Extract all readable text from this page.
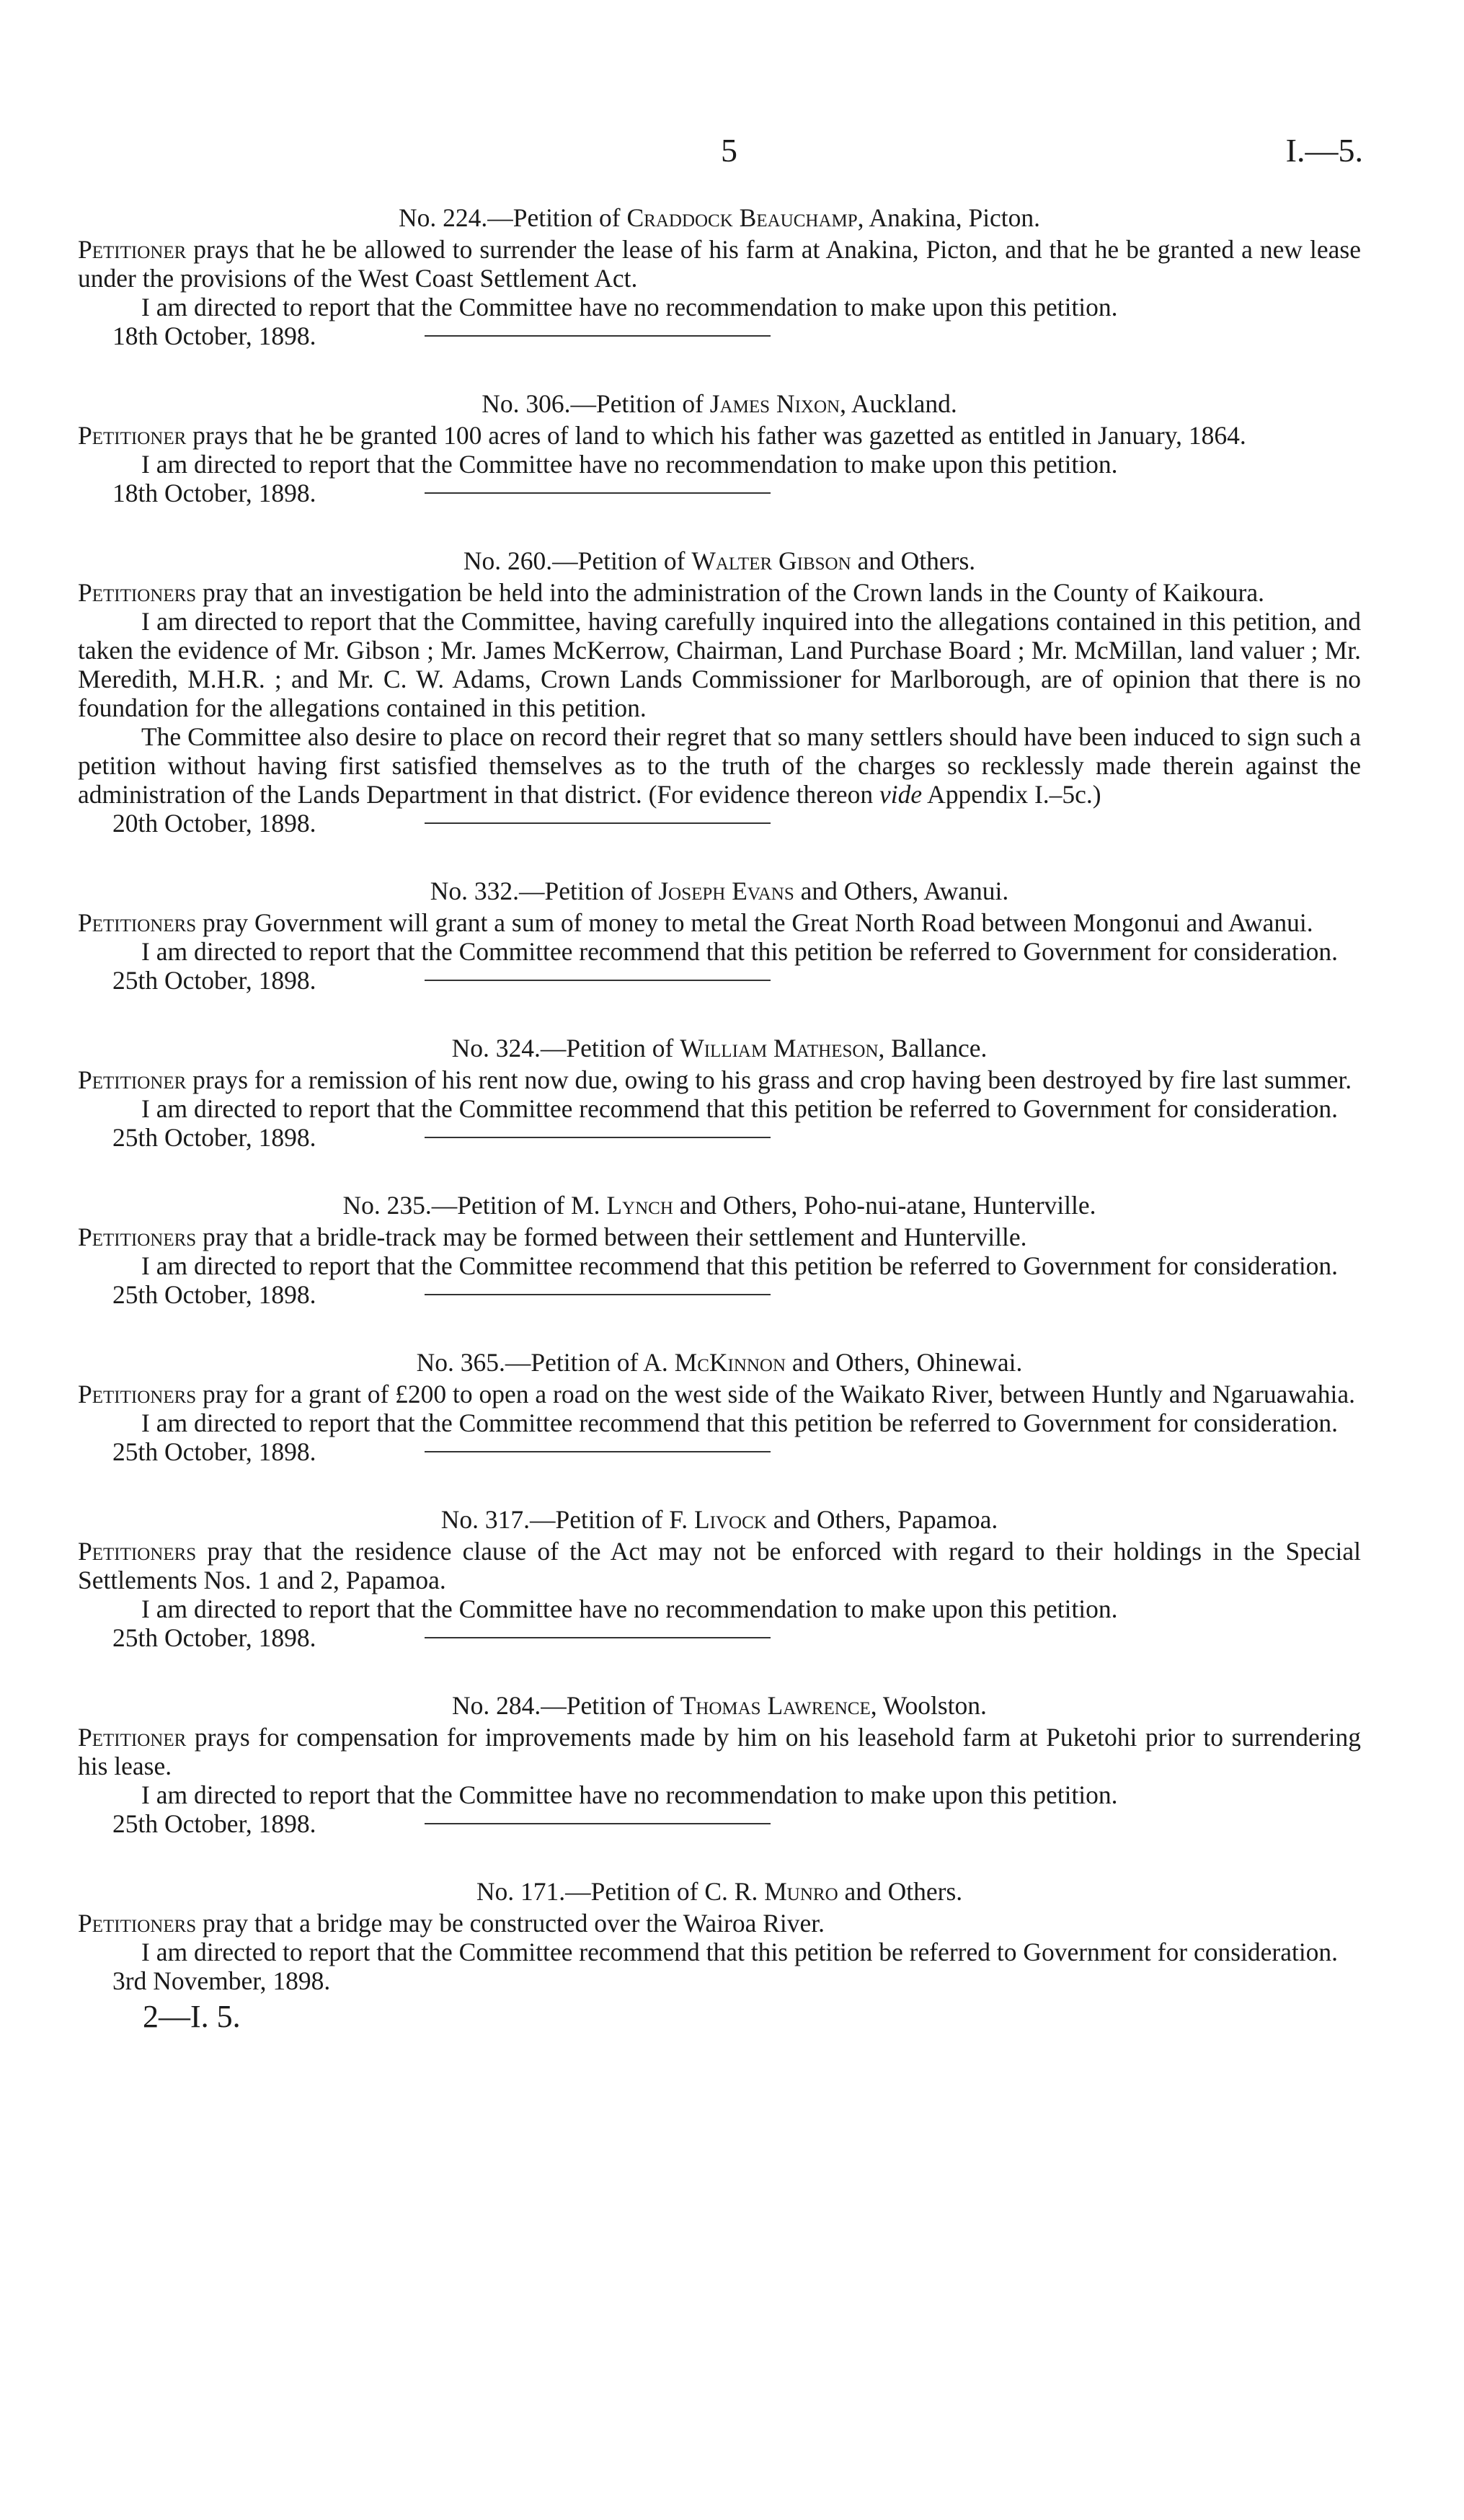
5	I.—5.

No. 224.—Petition of Craddock Beauchamp, Anakina, Picton.

Petitioner prays that he be allowed to surrender the lease of his farm at Anakina, Picton, and that he be granted a new lease under the provisions of the West Coast Settlement Act.

I am directed to report that the Committee have no recommendation to make upon this petition.

18th October, 1898.

No. 306.—Petition of James Nixon, Auckland.

Petitioner prays that he be granted 100 acres of land to which his father was gazetted as entitled in January, 1864.

I am directed to report that the Committee have no recommendation to make upon this petition.

18th October, 1898.

No. 260.—Petition of Walter Gibson and Others.

Petitioners pray that an investigation be held into the administration of the Crown lands in the County of Kaikoura.

I am directed to report that the Committee, having carefully inquired into the allegations contained in this petition, and taken the evidence of Mr. Gibson ; Mr. James McKerrow, Chairman, Land Purchase Board ; Mr. McMillan, land valuer ; Mr. Meredith, M.H.R. ; and Mr. C. W. Adams, Crown Lands Commissioner for Marlborough, are of opinion that there is no foundation for the allegations contained in this petition.

The Committee also desire to place on record their regret that so many settlers should have been induced to sign such a petition without having first satisfied themselves as to the truth of the charges so recklessly made therein against the administration of the Lands Department in that district. (For evidence thereon vide Appendix I.–5c.)

20th October, 1898.

No. 332.—Petition of Joseph Evans and Others, Awanui.

Petitioners pray Government will grant a sum of money to metal the Great North Road between Mongonui and Awanui.

I am directed to report that the Committee recommend that this petition be referred to Government for consideration.

25th October, 1898.

No. 324.—Petition of William Matheson, Ballance.

Petitioner prays for a remission of his rent now due, owing to his grass and crop having been destroyed by fire last summer.

I am directed to report that the Committee recommend that this petition be referred to Government for consideration.

25th October, 1898.

No. 235.—Petition of M. Lynch and Others, Poho-nui-atane, Hunterville.

Petitioners pray that a bridle-track may be formed between their settlement and Hunterville.

I am directed to report that the Committee recommend that this petition be referred to Government for consideration.

25th October, 1898.

No. 365.—Petition of A. McKinnon and Others, Ohinewai.

Petitioners pray for a grant of £200 to open a road on the west side of the Waikato River, between Huntly and Ngaruawahia.

I am directed to report that the Committee recommend that this petition be referred to Government for consideration.

25th October, 1898.

No. 317.—Petition of F. Livock and Others, Papamoa.

Petitioners pray that the residence clause of the Act may not be enforced with regard to their holdings in the Special Settlements Nos. 1 and 2, Papamoa.

I am directed to report that the Committee have no recommendation to make upon this petition.

25th October, 1898.

No. 284.—Petition of Thomas Lawrence, Woolston.

Petitioner prays for compensation for improvements made by him on his leasehold farm at Puketohi prior to surrendering his lease.

I am directed to report that the Committee have no recommendation to make upon this petition.

25th October, 1898.

No. 171.—Petition of C. R. Munro and Others.

Petitioners pray that a bridge may be constructed over the Wairoa River.

I am directed to report that the Committee recommend that this petition be referred to Government for consideration.

3rd November, 1898.

2—I. 5.
